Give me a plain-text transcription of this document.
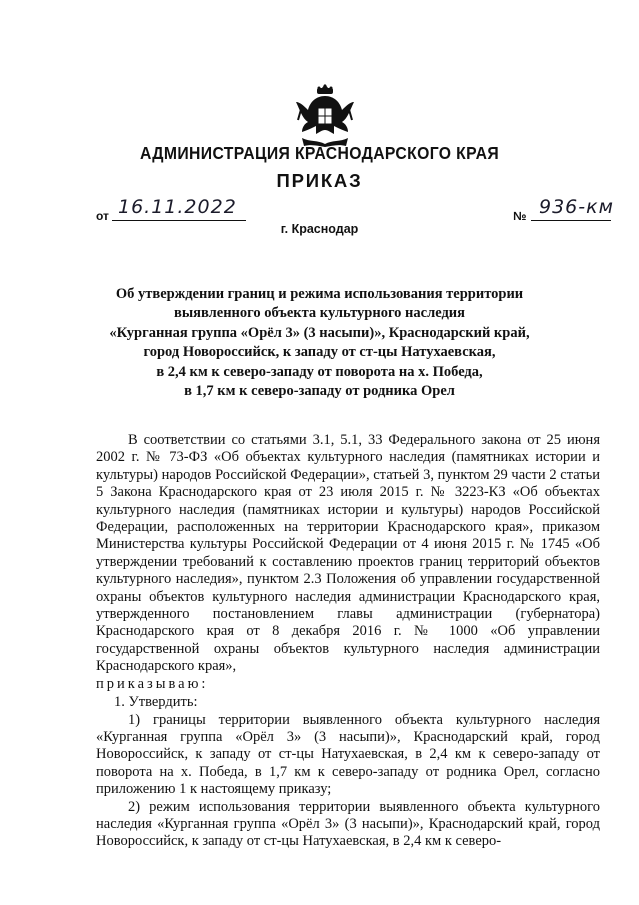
АДМИНИСТРАЦИЯ КРАСНОДАРСКОГО КРАЯ
ПРИКАЗ
от 16.11.2022	№ 936-км
г. Краснодар
Об утверждении границ и режима использования территории
выявленного объекта культурного наследия
«Курганная группа «Орёл 3» (3 насыпи)», Краснодарский край,
город Новороссийск, к западу от ст-цы Натухаевская,
в 2,4 км к северо-западу от поворота на х. Победа,
в 1,7 км к северо-западу от родника Орел
В соответствии со статьями 3.1, 5.1, 33 Федерального закона от 25 июня 2002 г. № 73-ФЗ «Об объектах культурного наследия (памятниках истории и культуры) народов Российской Федерации», статьей 3, пунктом 29 части 2 статьи 5 Закона Краснодарского края от 23 июля 2015 г. № 3223-КЗ «Об объектах культурного наследия (памятниках истории и культуры) народов Российской Федерации, расположенных на территории Краснодарского края», приказом Министерства культуры Российской Федерации от 4 июня 2015 г. № 1745 «Об утверждении требований к составлению проектов границ территорий объектов культурного наследия», пунктом 2.3 Положения об управлении государственной охраны объектов культурного наследия администрации Краснодарского края, утвержденного постановлением главы администрации (губернатора) Краснодарского края от 8 декабря 2016 г. № 1000 «Об управлении государственной охраны объектов культурного наследия администрации Краснодарского края»,
приказываю:
1. Утвердить:
1) границы территории выявленного объекта культурного наследия «Курганная группа «Орёл 3» (3 насыпи)», Краснодарский край, город Новороссийск, к западу от ст-цы Натухаевская, в 2,4 км к северо-западу от поворота на х. Победа, в 1,7 км к северо-западу от родника Орел, согласно приложению 1 к настоящему приказу;
2) режим использования территории выявленного объекта культурного наследия «Курганная группа «Орёл 3» (3 насыпи)», Краснодарский край, город Новороссийск, к западу от ст-цы Натухаевская, в 2,4 км к северо-
